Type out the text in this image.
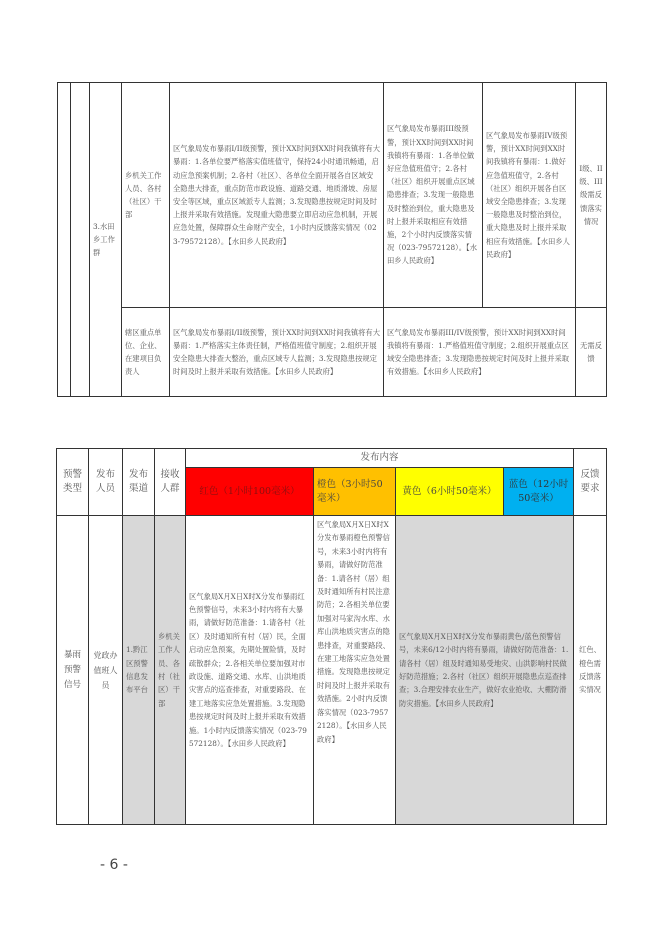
		3.水田乡工作群	乡机关工作人员、各村（社区）干部	区气象局发布暴雨I/II级预警，预计XX时间到XX时间我镇将有大暴雨：1.各单位要严格落实值班值守，保持24小时通讯畅通，启动应急预案机制；2.各村（社区）、各单位全面开展各自区域安全隐患大排查，重点防范市政设施、道路交通、地质滑坡、房屋安全等区域，重点区域派专人监测；3.发现隐患按规定时间及时上报并采取有效措施。发现重大隐患要立即启动应急机制，开展应急处置，保障群众生命财产安全，1小时内反馈落实情况（023-79572128）。【水田乡人民政府】	区气象局发布暴雨III级预警，预计XX时间到XX时间我镇将有暴雨：1.各单位做好应急值班值守；2.各村（社区）组织开展重点区域隐患排查；3.发现一般隐患及时整治到位，重大隐患及时上报并采取相应有效措施，2个小时内反馈落实情况（023-79572128）。【水田乡人民政府】	区气象局发布暴雨IV级预警，预计XX时间到XX时间我镇将有暴雨：1.做好应急值班值守，2.各村（社区）组织开展各自区域安全隐患排查；3.发现一般隐患及时整治到位，重大隐患及时上报并采取相应有效措施。【水田乡人民政府】	I级、II级、III级需反馈落实情况
			辖区重点单位、企业、在建项目负责人	区气象局发布暴雨I/II级预警，预计XX时间到XX时间我镇将有大暴雨：1.严格落实主体责任制，严格值班值守制度；2.组织开展安全隐患大排查大整治，重点区域专人监测；3.发现隐患按规定时间及时上报并采取有效措施。【水田乡人民政府】	区气象局发布暴雨III/IV级预警，预计XX时间到XX时间我镇将有暴雨：1.严格值班值守制度；2.组织开展重点区域安全隐患排查；3.发现隐患按规定时间及时上报并采取有效措施。【水田乡人民政府】		无需反馈
预警类型	发布人员	发布渠道	接收人群	发布内容				反馈要求
				红色（1小时100毫米）	橙色（3小时50毫米）	黄色（6小时50毫米）	蓝色（12小时50毫米）	
暴雨预警信号	党政办值班人员	1.黔江区预警信息发布平台	乡机关工作人员、各村（社区）干部	区气象局X月X日X时X分发布暴雨红色预警信号，未来3小时内将有大暴雨，请做好防范准备：1.请各村（社区）及时通知所有村（居）民，全面启动应急预案，先期处置险情，及时疏散群众；2.各相关单位要加强对市政设施、道路交通、水库、山洪地质灾害点的巡查排查，对重要路段、在建工地落实应急处置措施。3.发现隐患按规定时间及时上报并采取有效措施。1小时内反馈落实情况（023-79572128）。【水田乡人民政府】	区气象局X月X日X时X分发布暴雨橙色预警信号，未来3小时内将有暴雨，请做好防范准备：1.请各村（居）组及时通知所有村民注意防范；2.各相关单位要加强对马家沟水库、水库山洪地质灾害点的隐患排查，对重要路段、在建工地落实应急处置措施。发现隐患按规定时间及时上报并采取有效措施。2小时内反馈落实情况（023-79572128）。【水田乡人民政府】	区气象局X月X日X时X分发布暴雨黄色/蓝色预警信号，未来6/12小时内将有暴雨，请做好防范准备：1.请各村（居）组及时通知易受地灾、山洪影响村民做好防范措施；2.各村（社区）组织开展隐患点巡查排查；3.合理安排农业生产，做好农业抢收、大棚防滑防灾措施。【水田乡人民政府】		红色、橙色需反馈落实情况
- 6 -
